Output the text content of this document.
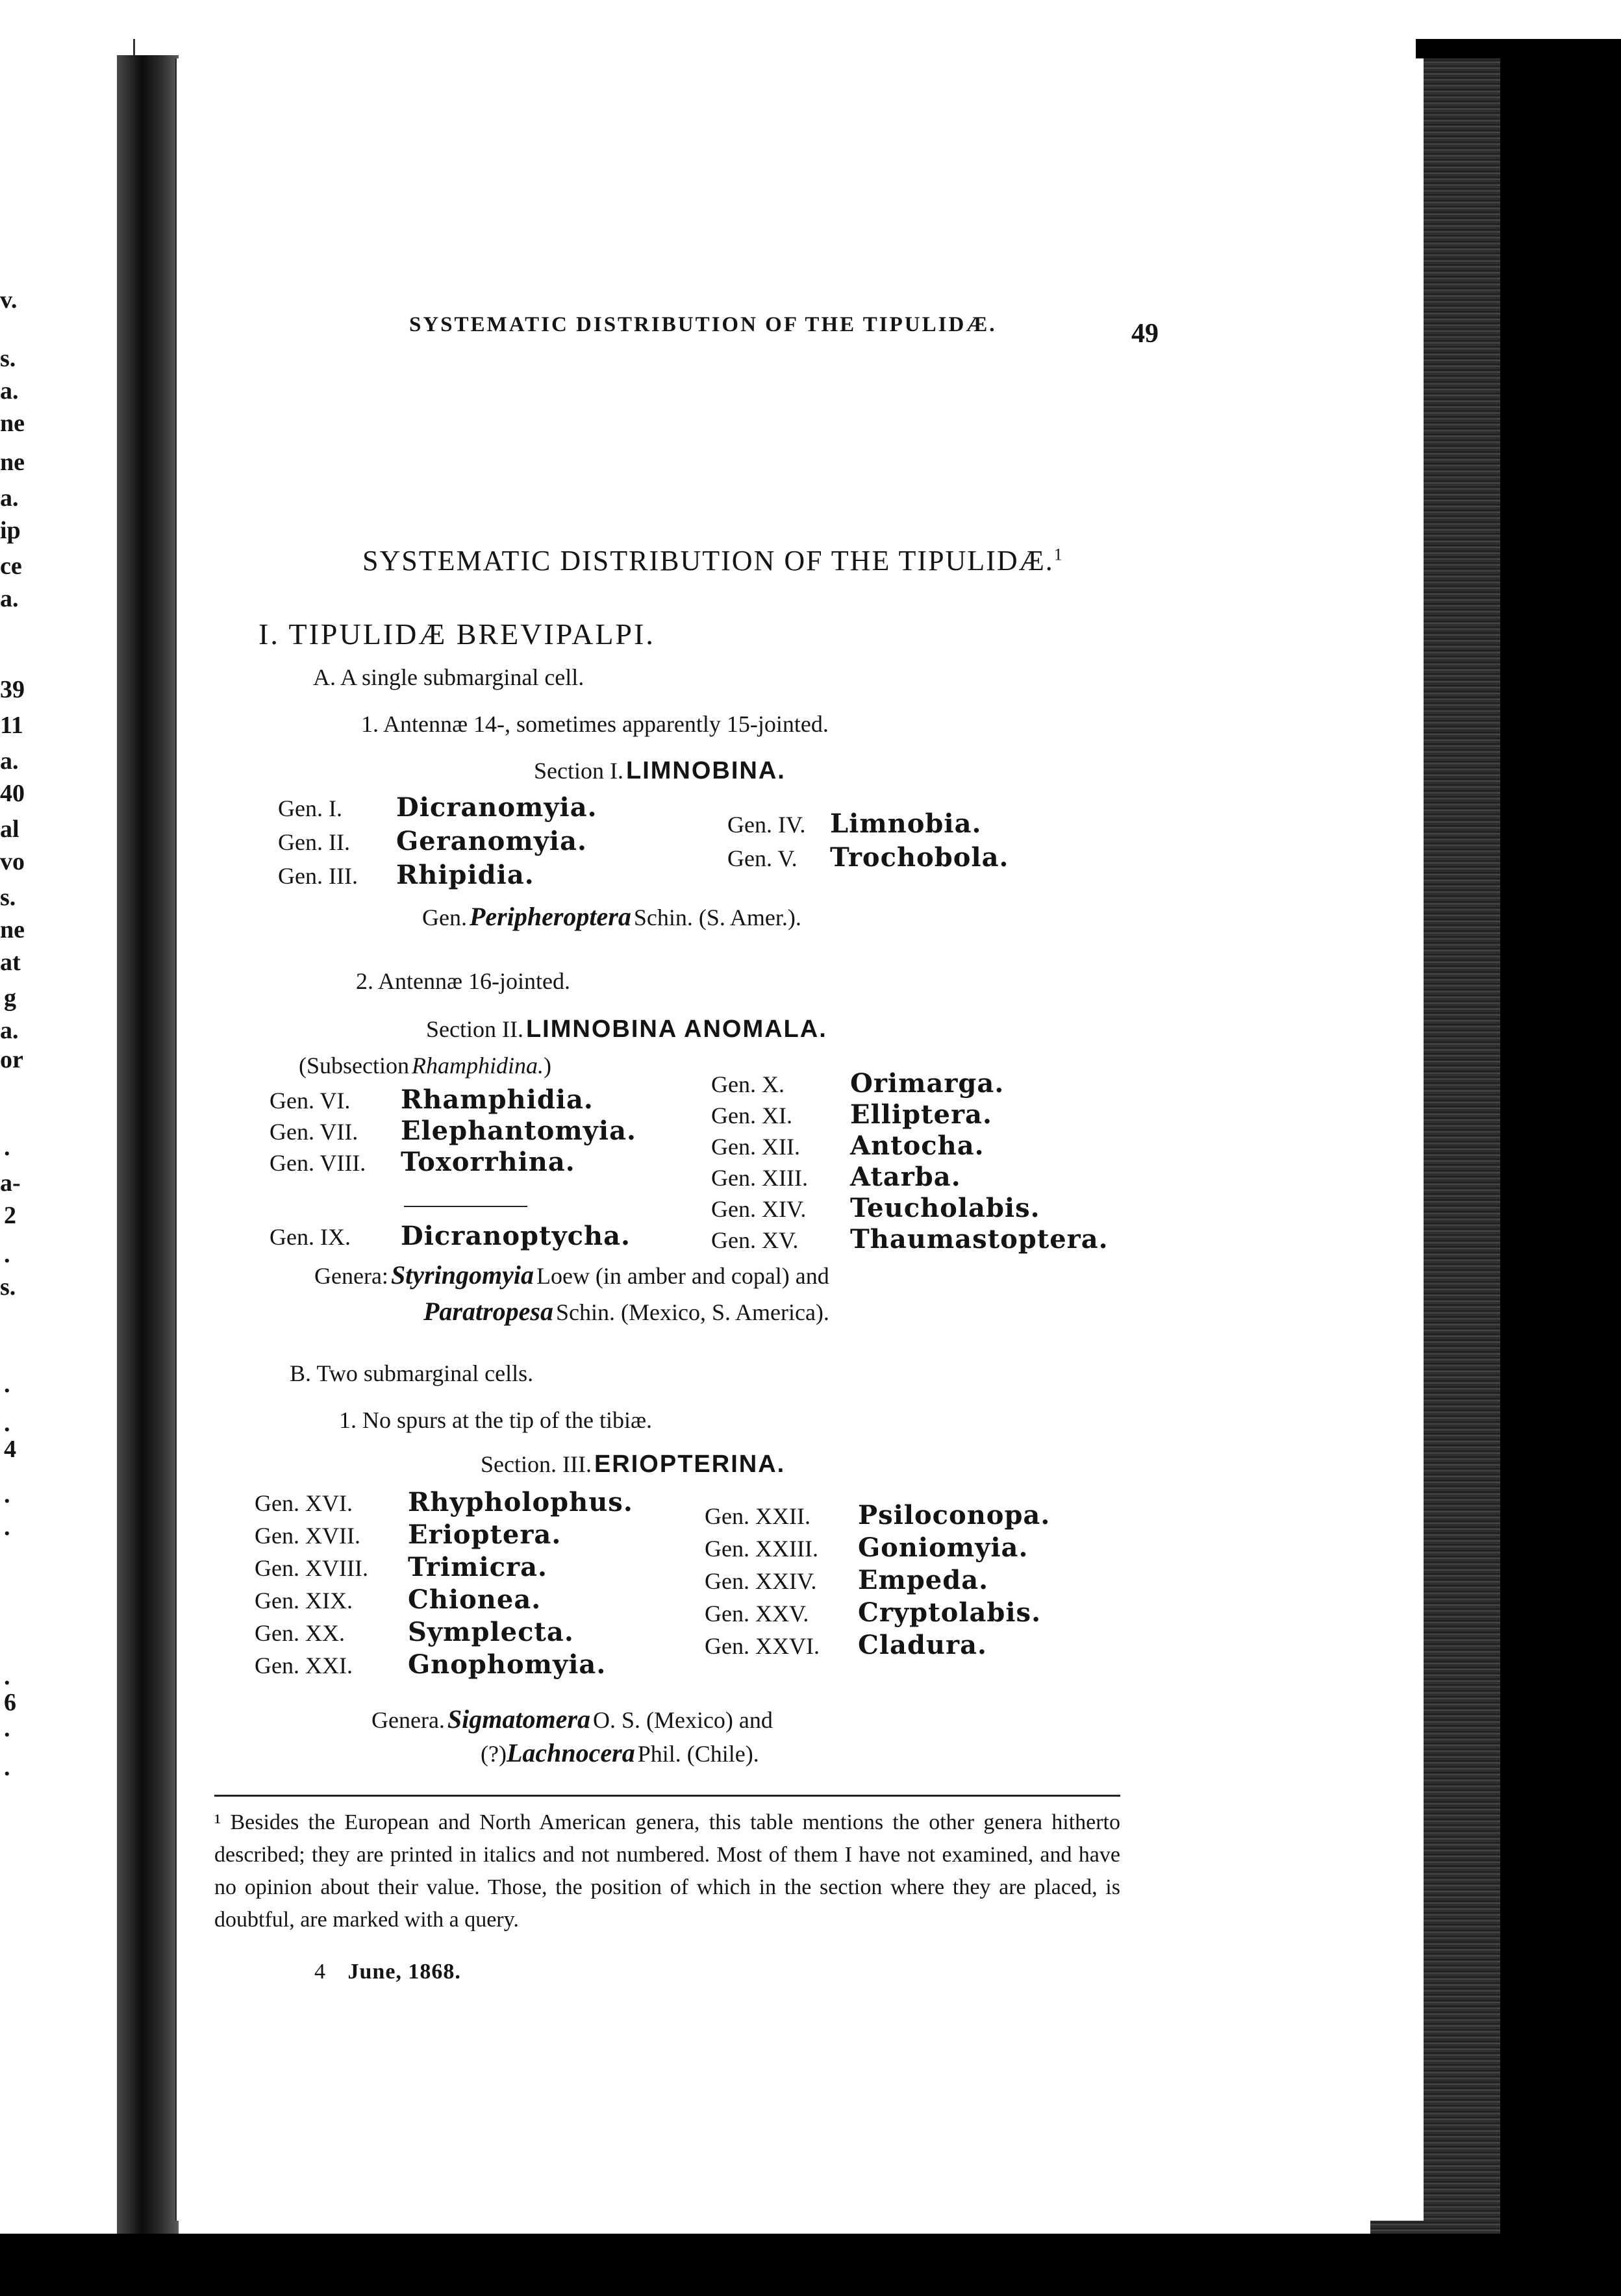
v.
s.
a.
ne
ne
a.
ip
ce
a.
39
11
a.
40
al
vo
s.
ne
at
g
a.
or
.
a-
2
.
s.
.
.
4
.
.
.
6
.
.
SYSTEMATIC DISTRIBUTION OF THE TIPULIDÆ.	49
SYSTEMATIC DISTRIBUTION OF THE TIPULIDÆ.$^1$
I. TIPULIDÆ BREVIPALPI.
A. A single submarginal cell.
1. Antennæ 14-, sometimes apparently 15-jointed.
Section I. LIMNOBINA.
Gen. I. Dicranomyia.
Gen. II. Geranomyia.
Gen. III. Rhipidia.
Gen. IV. Limnobia.
Gen. V. Trochobola.
Gen. Peripheroptera Schin. (S. Amer.).
2. Antennæ 16-jointed.
Section II. LIMNOBINA ANOMALA.
(Subsection Rhamphidina.)
Gen. VI. Rhamphidia.
Gen. VII. Elephantomyia.
Gen. VIII. Toxorrhina.
Gen. IX. Dicranoptycha.
Gen. X.	Orimarga.
Gen. XI. Elliptera.
Gen. XII. Antocha.
Gen. XIII. Atarba.
Gen. XIV. Teucholabis.
Gen. XV. Thaumastoptera.
Genera: Styringomyia Loew (in amber and copal) and
Paratropesa Schin. (Mexico, S. America).
B. Two submarginal cells.
1. No spurs at the tip of the tibiæ.
Section. III. ERIOPTERINA.
Gen. XVI. Rhypholophus.
Gen. XVII. Erioptera.
Gen. XVIII. Trimicra.
Gen. XIX. Chionea.
Gen. XX. Symplecta.
Gen. XXI. Gnophomyia.
Gen. XXII. Psiloconopa.
Gen. XXIII. Goniomyia.
Gen. XXIV. Empeda.
Gen. XXV. Cryptolabis.
Gen. XXVI. Cladura.
Genera. Sigmatomera O. S. (Mexico) and
(?)Lachnocera Phil. (Chile).
¹ Besides the European and North American genera, this table mentions the other genera hitherto described; they are printed in italics and not numbered. Most of them I have not examined, and have no opinion about their value. Those, the position of which in the section where they are placed, is doubtful, are marked with a query.
4 June, 1868.
